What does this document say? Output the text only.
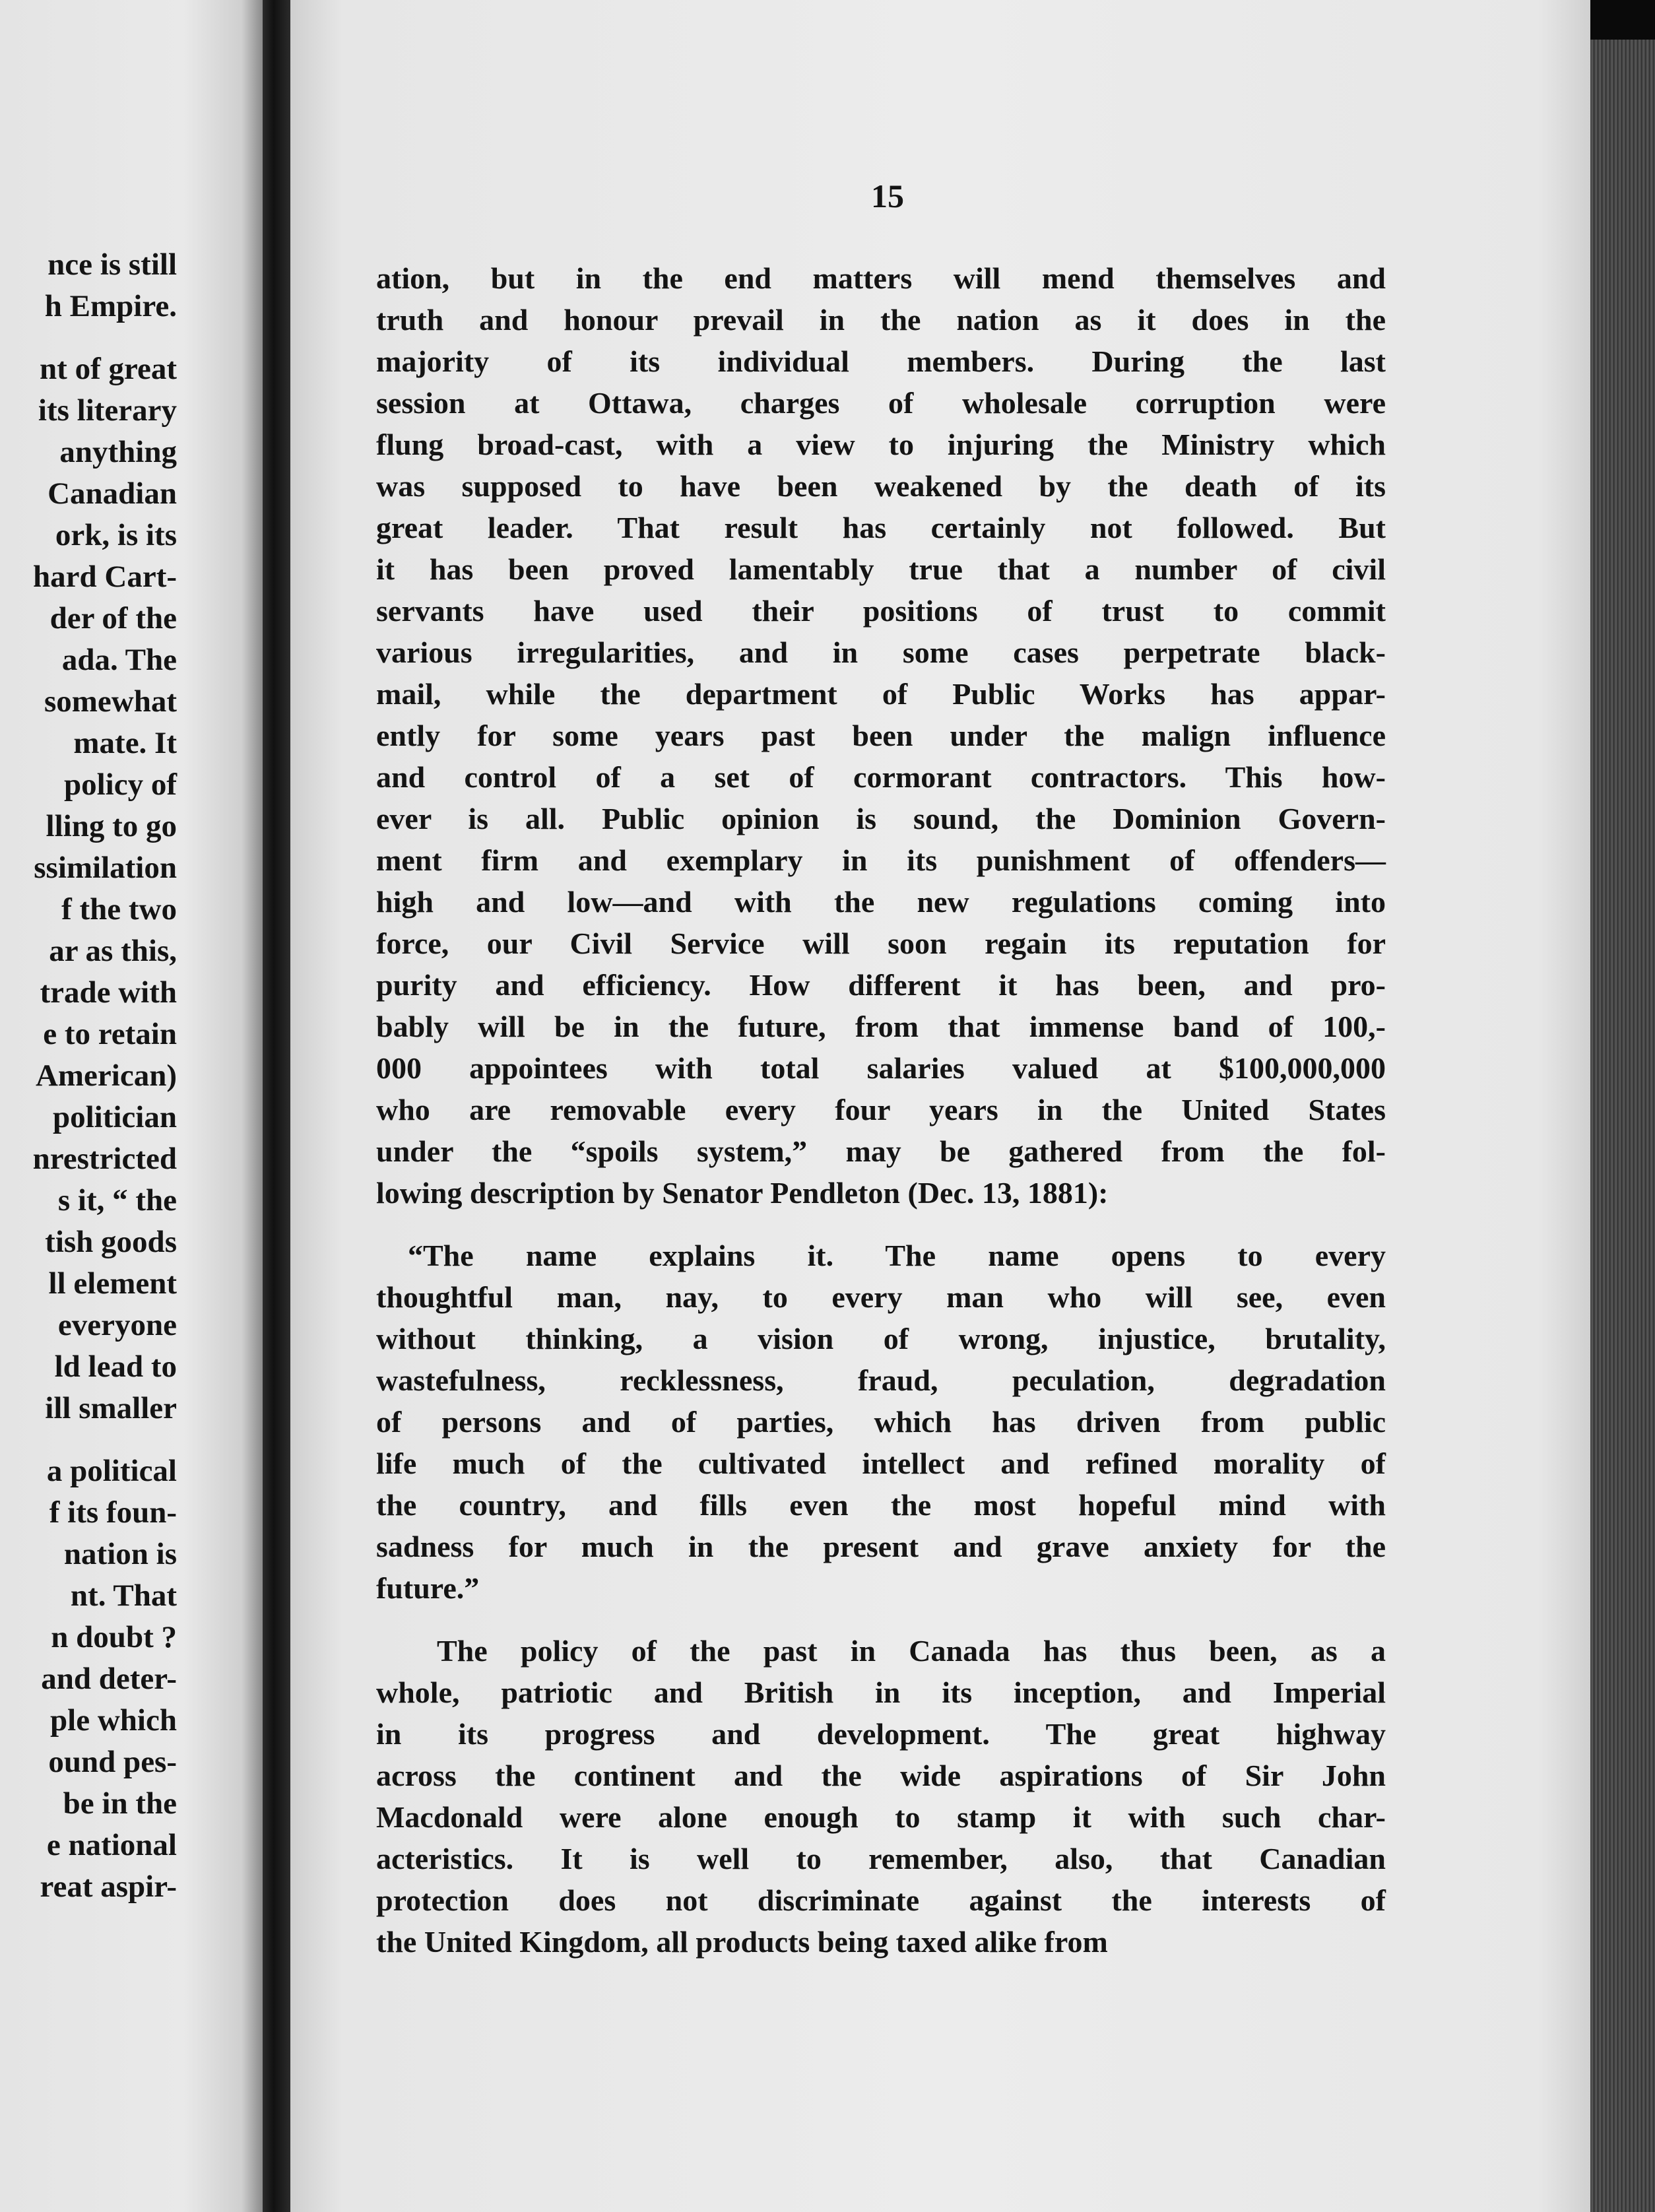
nce is still
h Empire.
nt of great
its literary
anything
Canadian
ork, is its
hard Cart-
der of the
ada. The
somewhat
mate. It
policy of
lling to go
ssimilation
f the two
ar as this,
trade with
e to retain
American)
politician
nrestricted
s it, “ the
tish goods
ll element
everyone
ld lead to
ill smaller
a political
f its foun-
nation is
nt. That
n doubt ?
and deter-
ple which
ound pes-
be in the
e national
reat aspir-
15
ation, but in the end matters will mend themselves and
truth and honour prevail in the nation as it does in the
majority of its individual members. During the last
session at Ottawa, charges of wholesale corruption were
flung broad-cast, with a view to injuring the Ministry which
was supposed to have been weakened by the death of its
great leader. That result has certainly not followed. But
it has been proved lamentably true that a number of civil
servants have used their positions of trust to commit
various irregularities, and in some cases perpetrate black-
mail, while the department of Public Works has appar-
ently for some years past been under the malign influence
and control of a set of cormorant contractors. This how-
ever is all. Public opinion is sound, the Dominion Govern-
ment firm and exemplary in its punishment of offenders—
high and low—and with the new regulations coming into
force, our Civil Service will soon regain its reputation for
purity and efficiency. How different it has been, and pro-
bably will be in the future, from that immense band of 100,-
000 appointees with total salaries valued at $100,000,000
who are removable every four years in the United States
under the “spoils system,” may be gathered from the fol-
lowing description by Senator Pendleton (Dec. 13, 1881):
“The name explains it. The name opens to every
thoughtful man, nay, to every man who will see, even
without thinking, a vision of wrong, injustice, brutality,
wastefulness, recklessness, fraud, peculation, degradation
of persons and of parties, which has driven from public
life much of the cultivated intellect and refined morality of
the country, and fills even the most hopeful mind with
sadness for much in the present and grave anxiety for the
future.”
The policy of the past in Canada has thus been, as a
whole, patriotic and British in its inception, and Imperial
in its progress and development. The great highway
across the continent and the wide aspirations of Sir John
Macdonald were alone enough to stamp it with such char-
acteristics. It is well to remember, also, that Canadian
protection does not discriminate against the interests of
the United Kingdom, all products being taxed alike from
